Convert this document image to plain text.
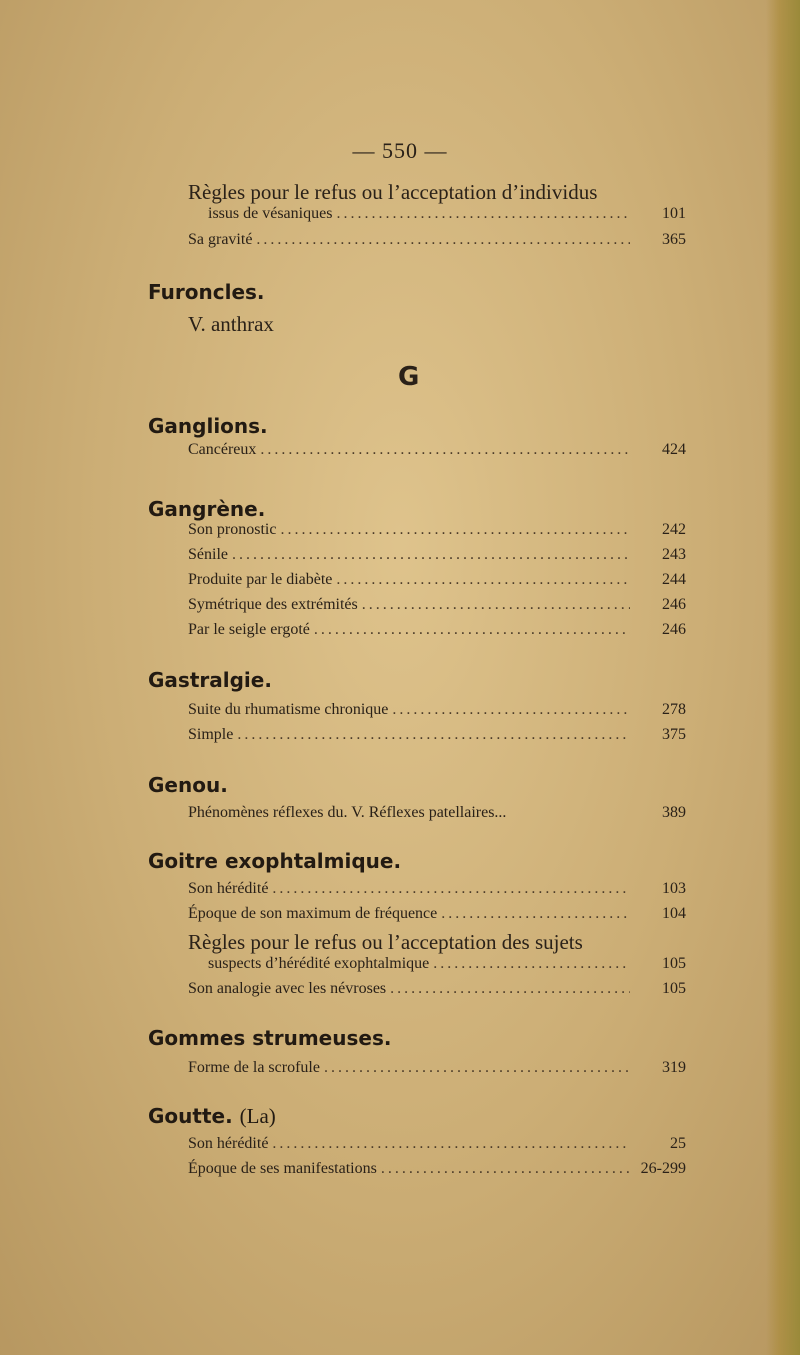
— 550 —
Règles pour le refus ou l’acceptation d’individus
issus de vésaniques .....	101
Sa gravité .....	365
Furoncles.
V. anthrax
G
Ganglions.
Cancéreux .....	424
Gangrène.
Son pronostic .....	242
Sénile .....	243
Produite par le diabète .....	244
Symétrique des extrémités .....	246
Par le seigle ergoté .....	246
Gastralgie.
Suite du rhumatisme chronique .....	278
Simple .....	375
Genou.
Phénomènes réflexes du. V. Réflexes patellaires...	389
Goitre exophtalmique.
Son hérédité .....	103
Époque de son maximum de fréquence .....	104
Règles pour le refus ou l’acceptation des sujets
suspects d’hérédité exophtalmique .....	105
Son analogie avec les névroses .....	105
Gommes strumeuses.
Forme de la scrofule .....	319
Goutte. (La)
Son hérédité .....	25
Époque de ses manifestations .....	26-299
